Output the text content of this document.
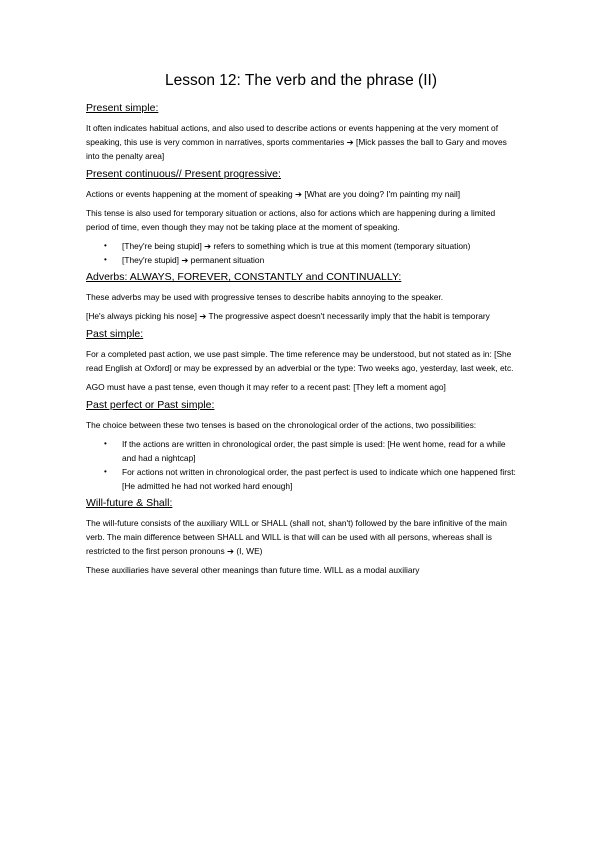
Lesson 12: The verb and the phrase (II)
Present simple:
It often indicates habitual actions, and also used to describe actions or events happening at the very moment of speaking, this use is very common in narratives, sports commentaries ➔ [Mick passes the ball to Gary and moves into the penalty area]
Present continuous// Present progressive:
Actions or events happening at the moment of speaking ➔ [What are you doing? I'm painting my nail]
This tense is also used for temporary situation or actions, also for actions which are happening during a limited period of time, even though they may not be taking place at the moment of speaking.
• [They're being stupid] ➔ refers to something which is true at this moment (temporary situation)
• [They're stupid] ➔ permanent situation
Adverbs: ALWAYS, FOREVER, CONSTANTLY and CONTINUALLY:
These adverbs may be used with progressive tenses to describe habits annoying to the speaker.
[He's always picking his nose] ➔ The progressive aspect doesn't necessarily imply that the habit is temporary
Past simple:
For a completed past action, we use past simple. The time reference may be understood, but not stated as in: [She read English at Oxford] or may be expressed by an adverbial or the type: Two weeks ago, yesterday, last week, etc.
AGO must have a past tense, even though it may refer to a recent past: [They left a moment ago]
Past perfect or Past simple:
The choice between these two tenses is based on the chronological order of the actions, two possibilities:
• If the actions are written in chronological order, the past simple is used: [He went home, read for a while and had a nightcap]
• For actions not written in chronological order, the past perfect is used to indicate which one happened first: [He admitted he had not worked hard enough]
Will-future & Shall:
The will-future consists of the auxiliary WILL or SHALL (shall not, shan't) followed by the bare infinitive of the main verb. The main difference between SHALL and WILL is that will can be used with all persons, whereas shall is restricted to the first person pronouns ➔ (I, WE)
These auxiliaries have several other meanings than future time. WILL as a modal auxiliary
